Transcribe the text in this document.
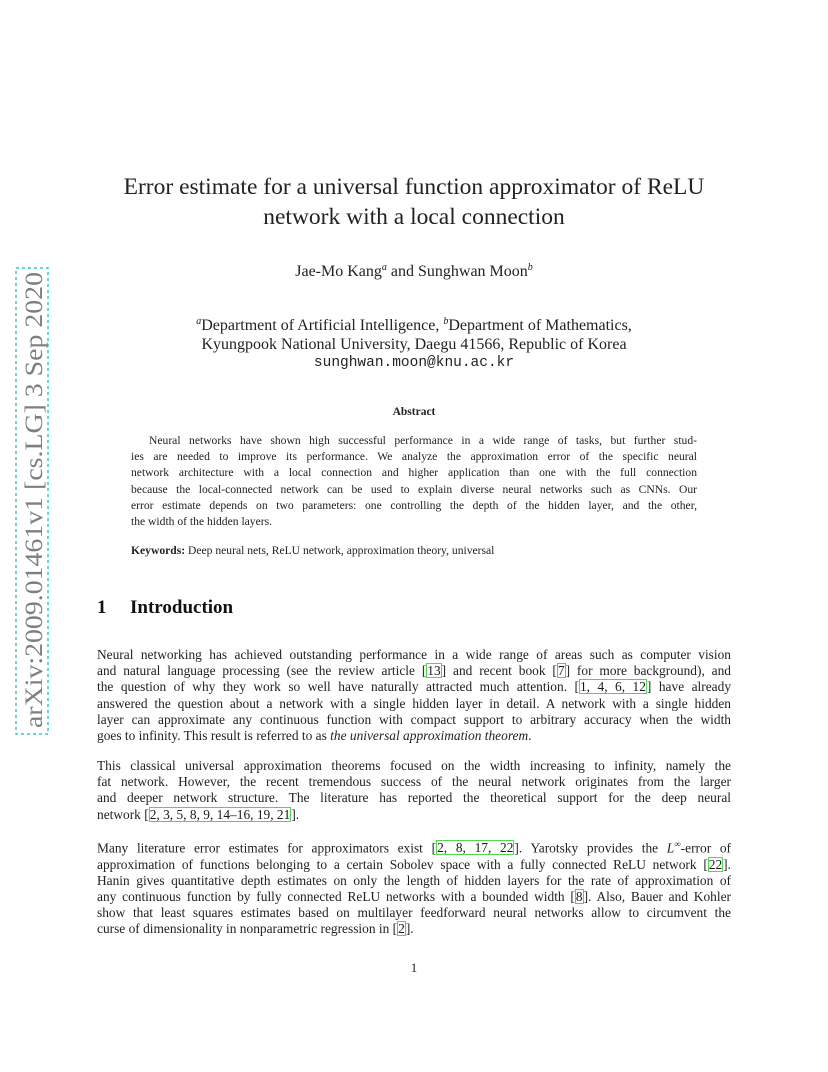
arXiv:2009.01461v1 [cs.LG] 3 Sep 2020
Error estimate for a universal function approximator of ReLU
network with a local connection
Jae-Mo Kang$^a$ and Sunghwan Moon$^b$
$^a$Department of Artificial Intelligence, $^b$Department of Mathematics,
Kyungpook National University, Daegu 41566, Republic of Korea
sunghwan.moon@knu.ac.kr
Abstract
Neural networks have shown high successful performance in a wide range of tasks, but further stud-
ies are needed to improve its performance. We analyze the approximation error of the specific neural
network architecture with a local connection and higher application than one with the full connection
because the local-connected network can be used to explain diverse neural networks such as CNNs. Our
error estimate depends on two parameters: one controlling the depth of the hidden layer, and the other,
the width of the hidden layers.
Keywords: Deep neural nets, ReLU network, approximation theory, universal
1 Introduction
Neural networking has achieved outstanding performance in a wide range of areas such as computer vision
and natural language processing (see the review article [13] and recent book [7] for more background), and
the question of why they work so well have naturally attracted much attention. [1, 4, 6, 12] have already
answered the question about a network with a single hidden layer in detail. A network with a single hidden
layer can approximate any continuous function with compact support to arbitrary accuracy when the width
goes to infinity. This result is referred to as the universal approximation theorem.
This classical universal approximation theorems focused on the width increasing to infinity, namely the
fat network. However, the recent tremendous success of the neural network originates from the larger
and deeper network structure. The literature has reported the theoretical support for the deep neural
network [2, 3, 5, 8, 9, 14–16, 19, 21].
Many literature error estimates for approximators exist [2, 8, 17, 22]. Yarotsky provides the L∞-error of
approximation of functions belonging to a certain Sobolev space with a fully connected ReLU network [22].
Hanin gives quantitative depth estimates on only the length of hidden layers for the rate of approximation of
any continuous function by fully connected ReLU networks with a bounded width [8]. Also, Bauer and Kohler
show that least squares estimates based on multilayer feedforward neural networks allow to circumvent the
curse of dimensionality in nonparametric regression in [2].
1
